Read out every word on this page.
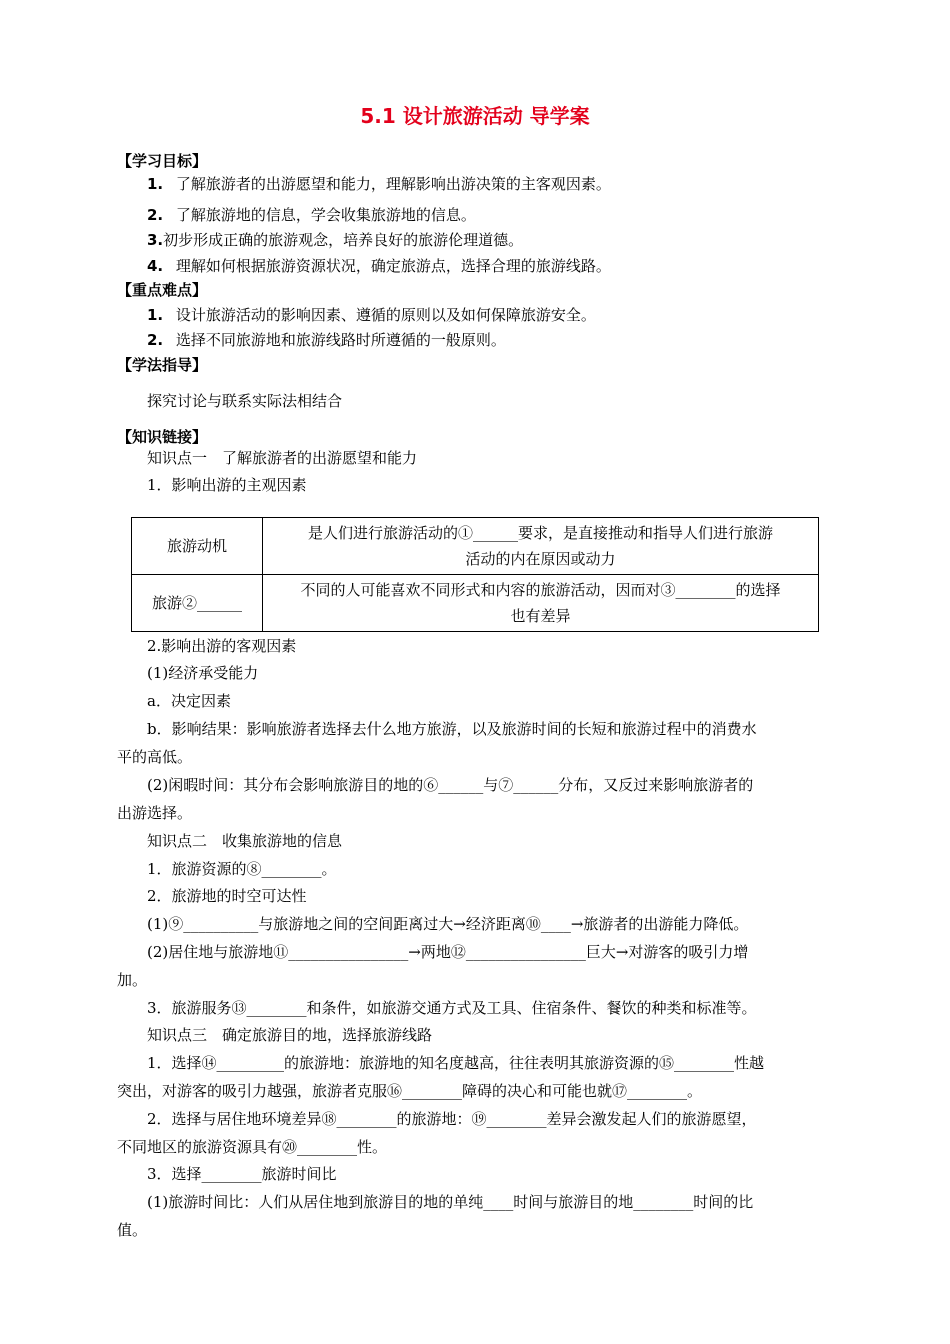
5.1 设计旅游活动 导学案
【学习目标】
1. 了解旅游者的出游愿望和能力，理解影响出游决策的主客观因素。
2. 了解旅游地的信息，学会收集旅游地的信息。
3.初步形成正确的旅游观念，培养良好的旅游伦理道德。
4. 理解如何根据旅游资源状况，确定旅游点，选择合理的旅游线路。
【重点难点】
1. 设计旅游活动的影响因素、遵循的原则以及如何保障旅游安全。
2. 选择不同旅游地和旅游线路时所遵循的一般原则。
【学法指导】
探究讨论与联系实际法相结合
【知识链接】
知识点一　了解旅游者的出游愿望和能力
1．影响出游的主观因素
旅游动机	是人们进行旅游活动的①______要求，是直接推动和指导人们进行旅游
活动的内在原因或动力

旅游②______	不同的人可能喜欢不同形式和内容的旅游活动，因而对③________的选择
也有差异
2.影响出游的客观因素
(1)经济承受能力
a．决定因素
b．影响结果：影响旅游者选择去什么地方旅游，以及旅游时间的长短和旅游过程中的消费水
平的高低。
(2)闲暇时间：其分布会影响旅游目的地的⑥______与⑦______分布，又反过来影响旅游者的
出游选择。
知识点二　收集旅游地的信息
1．旅游资源的⑧________。
2．旅游地的时空可达性
(1)⑨__________与旅游地之间的空间距离过大→经济距离⑩____→旅游者的出游能力降低。
(2)居住地与旅游地⑪________________→两地⑫________________巨大→对游客的吸引力增
加。
3．旅游服务⑬________和条件，如旅游交通方式及工具、住宿条件、餐饮的种类和标准等。
知识点三　确定旅游目的地，选择旅游线路
1．选择⑭_________的旅游地：旅游地的知名度越高，往往表明其旅游资源的⑮________性越
突出，对游客的吸引力越强，旅游者克服⑯________障碍的决心和可能也就⑰________。
2．选择与居住地环境差异⑱________的旅游地：⑲________差异会激发起人们的旅游愿望，
不同地区的旅游资源具有⑳________性。
3．选择________旅游时间比
(1)旅游时间比：人们从居住地到旅游目的地的单纯____时间与旅游目的地________时间的比
值。
